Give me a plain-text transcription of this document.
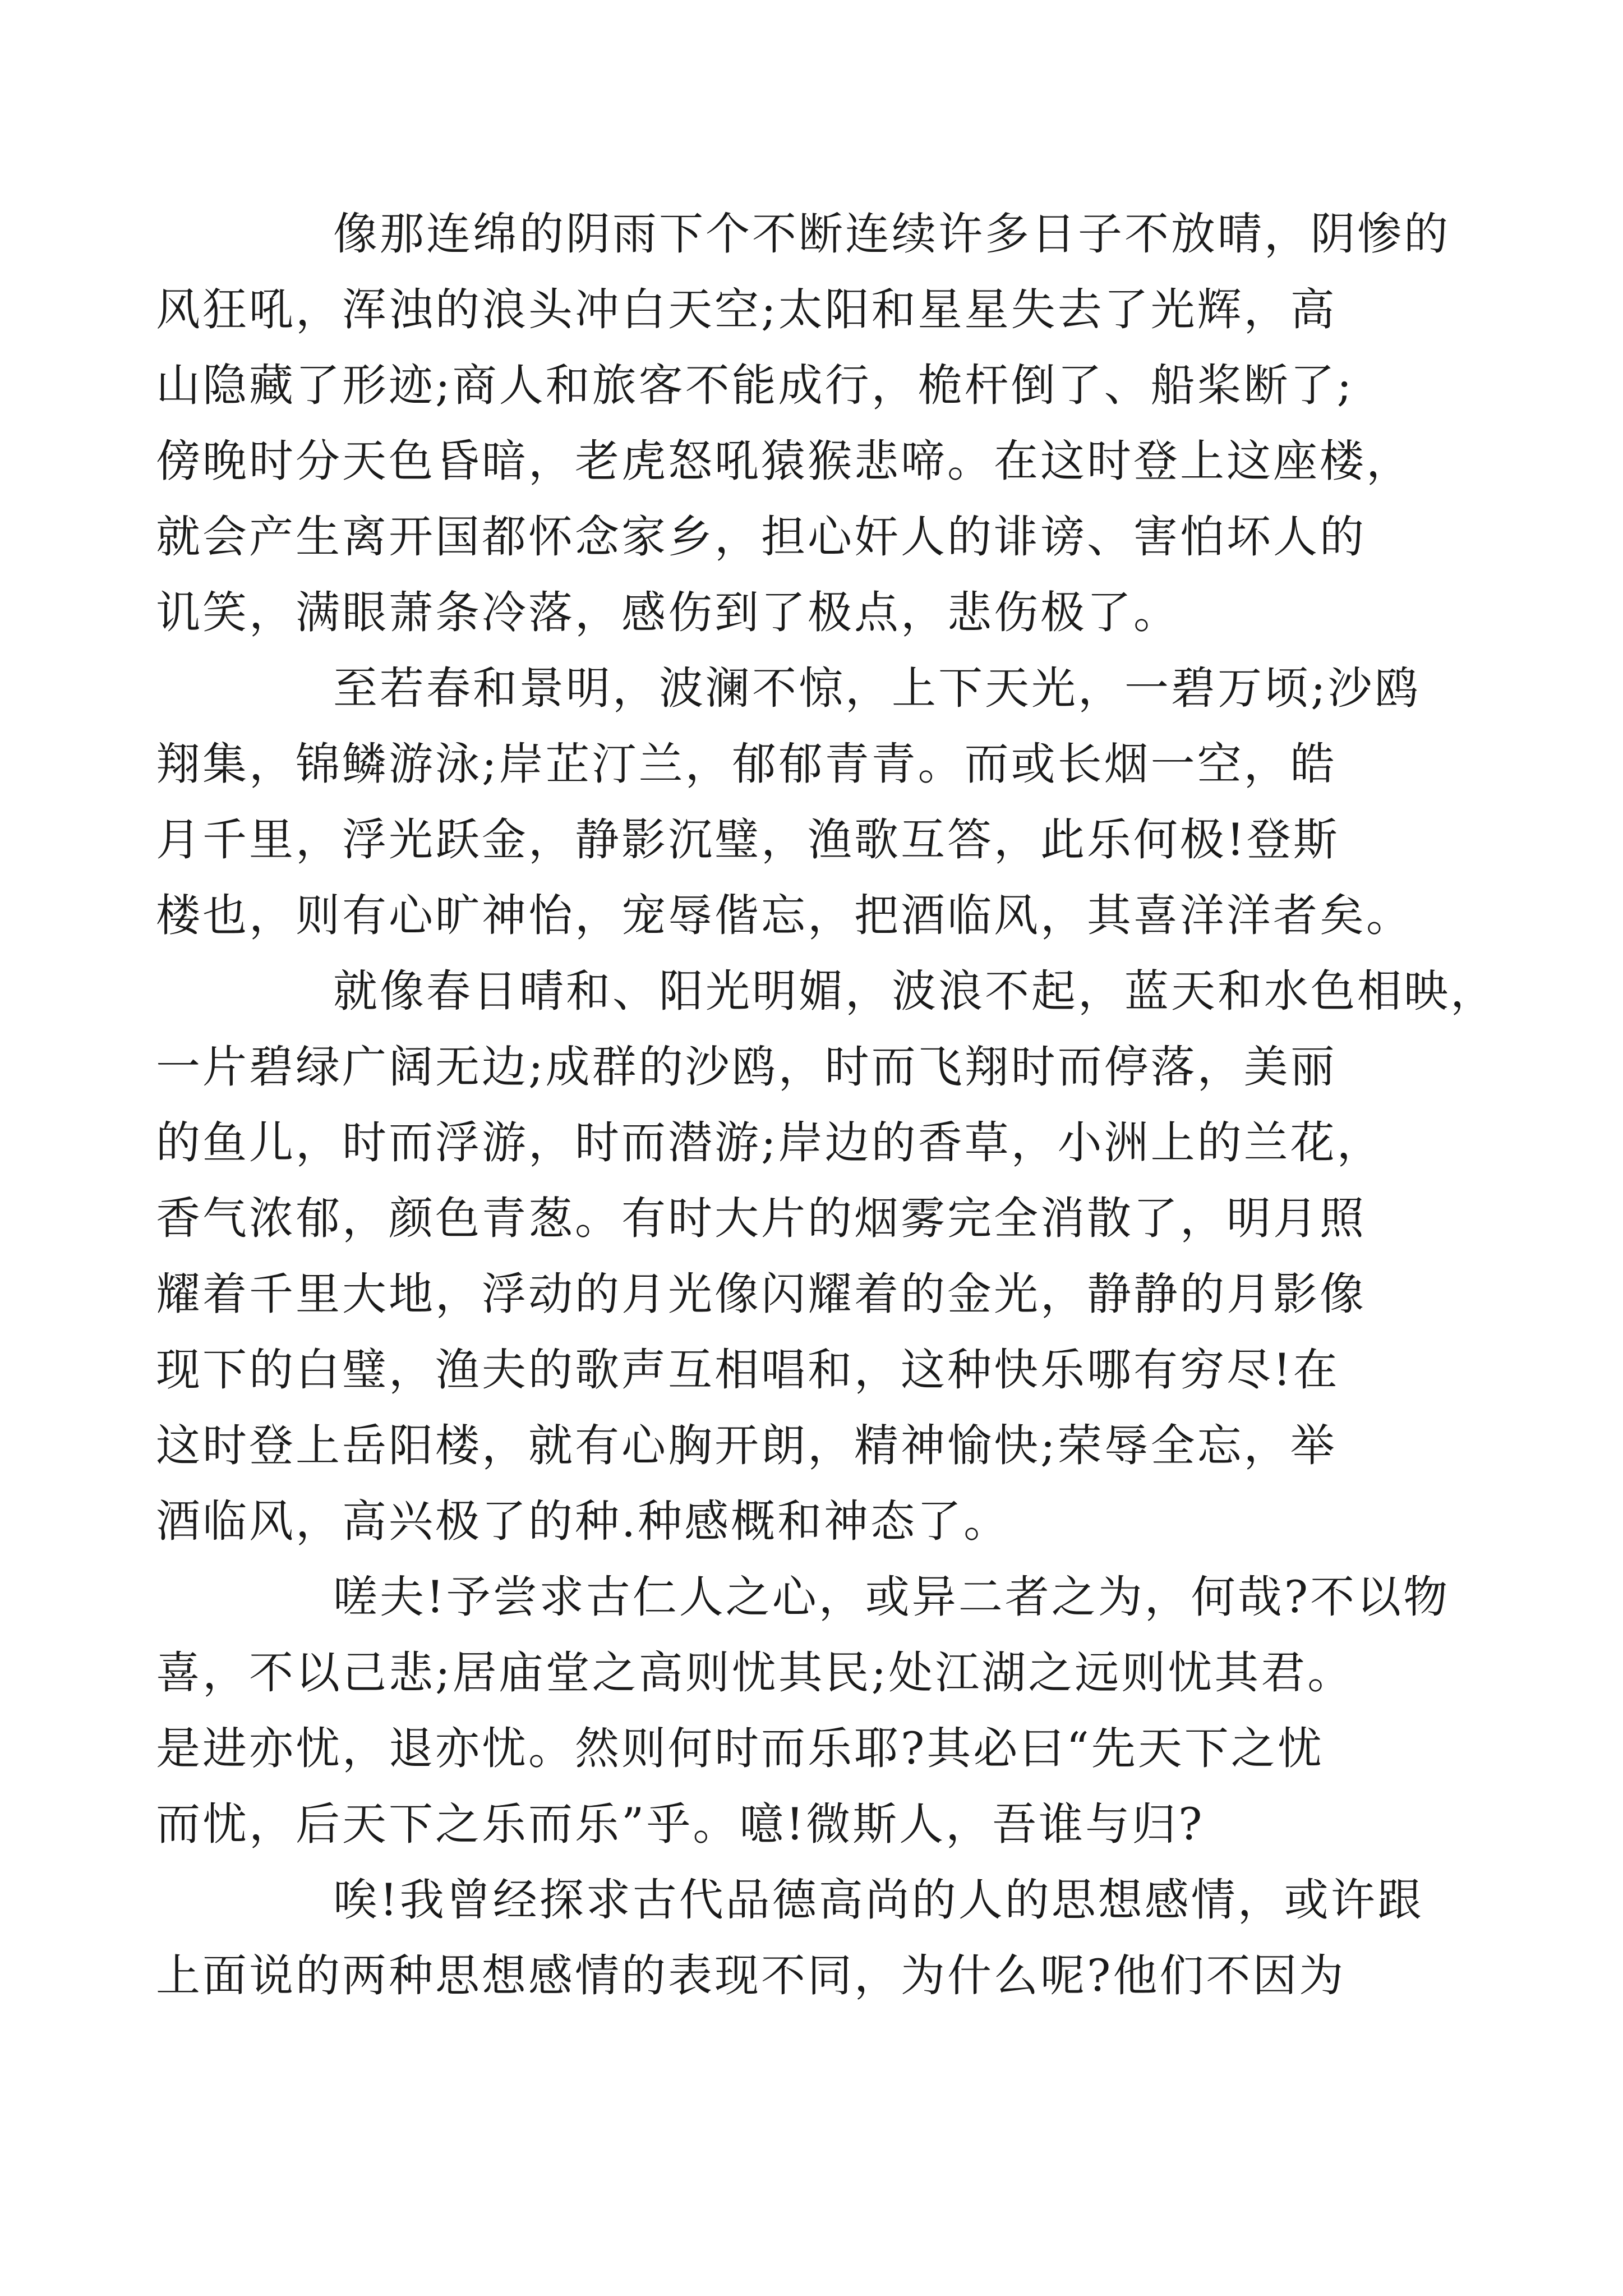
像那连绵的阴雨下个不断连续许多日子不放晴，阴惨的
风狂吼，浑浊的浪头冲白天空;太阳和星星失去了光辉，高
山隐藏了形迹;商人和旅客不能成行，桅杆倒了、船桨断了;
傍晚时分天色昏暗，老虎怒吼猿猴悲啼。在这时登上这座楼，
就会产生离开国都怀念家乡，担心奸人的诽谤、害怕坏人的
讥笑，满眼萧条冷落，感伤到了极点，悲伤极了。

至若春和景明，波澜不惊，上下天光，一碧万顷;沙鸥
翔集，锦鳞游泳;岸芷汀兰，郁郁青青。而或长烟一空，皓
月千里，浮光跃金，静影沉璧，渔歌互答，此乐何极!登斯
楼也，则有心旷神怡，宠辱偕忘，把酒临风，其喜洋洋者矣。

就像春日晴和、阳光明媚，波浪不起，蓝天和水色相映，
一片碧绿广阔无边;成群的沙鸥，时而飞翔时而停落，美丽
的鱼儿，时而浮游，时而潜游;岸边的香草，小洲上的兰花，
香气浓郁，颜色青葱。有时大片的烟雾完全消散了，明月照
耀着千里大地，浮动的月光像闪耀着的金光，静静的月影像
现下的白璧，渔夫的歌声互相唱和，这种快乐哪有穷尽!在
这时登上岳阳楼，就有心胸开朗，精神愉快;荣辱全忘，举
酒临风，高兴极了的种.种感概和神态了。

嗟夫!予尝求古仁人之心，或异二者之为，何哉?不以物
喜，不以己悲;居庙堂之高则忧其民;处江湖之远则忧其君。
是进亦忧，退亦忧。然则何时而乐耶?其必曰“先天下之忧
而忧，后天下之乐而乐”乎。噫!微斯人，吾谁与归?

唉!我曾经探求古代品德高尚的人的思想感情，或许跟
上面说的两种思想感情的表现不同，为什么呢?他们不因为
